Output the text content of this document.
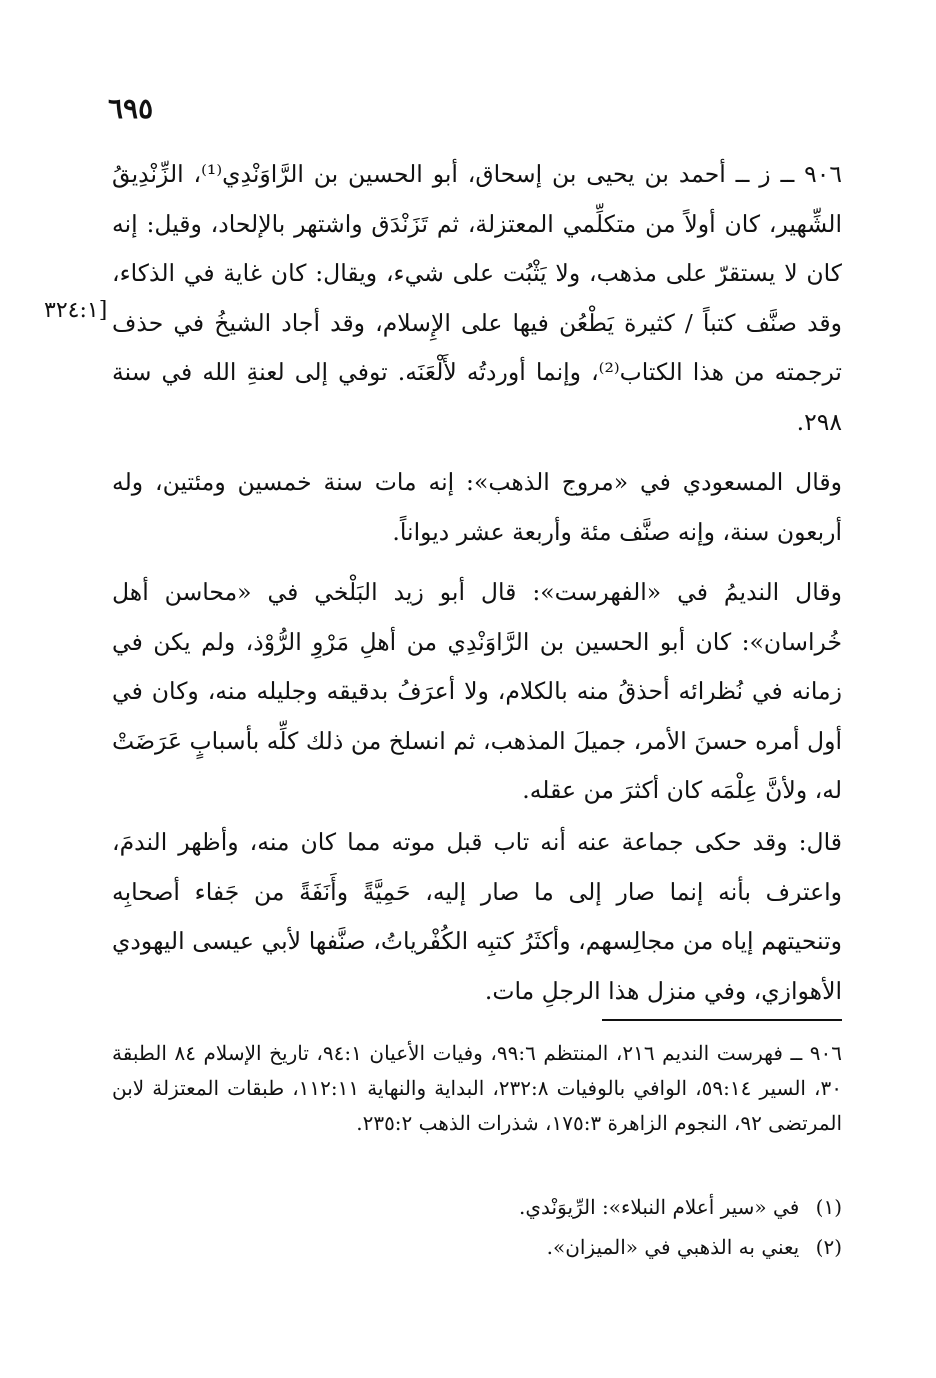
٦٩٥
[٣٢٤:١

٩٠٦ ــ ز ــ أحمد بن يحيى بن إسحاق، أبو الحسين بن الرَّاوَنْدِي⁽¹⁾، الزِّنْدِيقُ الشِّهير، كان أولاً من متكلِّمي المعتزلة، ثم تَزَنْدَق واشتهر بالإلحاد، وقيل: إنه كان لا يستقرّ على مذهب، ولا يَثْبُت على شيء، ويقال: كان غاية في الذكاء، وقد صنَّف كتباً / كثيرة يَطْعُن فيها على الإِسلام، وقد أجاد الشيخُ في حذف ترجمته من هذا الكتاب⁽²⁾، وإنما أوردتُه لأَلْعَنَه. توفي إلى لعنةِ الله في سنة ٢٩٨.

وقال المسعودي في «مروج الذهب»: إنه مات سنة خمسين ومئتين، وله أربعون سنة، وإنه صنَّف مئة وأربعة عشر ديواناً.

وقال النديمُ في «الفهرست»: قال أبو زيد البَلْخي في «محاسن أهل خُراسان»: كان أبو الحسين بن الرَّاوَنْدِي من أهلِ مَرْوِ الرُّوْذ، ولم يكن في زمانه في نُظرائه أحذقُ منه بالكلام، ولا أعرَفُ بدقيقه وجليله منه، وكان في أول أمره حسنَ الأمر، جميلَ المذهب، ثم انسلخ من ذلك كلِّه بأسبابٍ عَرَضَتْ له، ولأنَّ عِلْمَه كان أكثرَ من عقله.

قال: وقد حكى جماعة عنه أنه تاب قبل موته مما كان منه، وأظهر الندمَ، واعترف بأنه إنما صار إلى ما صار إليه، حَمِيَّةً وأَنَفَةً من جَفاء أصحابِه وتنحيتهم إياه من مجالِسهم، وأكثَرُ كتبِه الكُفْرياتُ، صنَّفها لأبي عيسى اليهودي الأهوازي، وفي منزل هذا الرجلِ مات.

٩٠٦ ــ فهرست النديم ٢١٦، المنتظم ٩٩:٦، وفيات الأعيان ٩٤:١، تاريخ الإسلام ٨٤ الطبقة ٣٠، السير ٥٩:١٤، الوافي بالوفيات ٢٣٢:٨، البداية والنهاية ١١٢:١١، طبقات المعتزلة لابن المرتضى ٩٢، النجوم الزاهرة ١٧٥:٣، شذرات الذهب ٢٣٥:٢.
(١) في «سير أعلام النبلاء»: الرِّيوَنْدي.
(٢) يعني به الذهبي في «الميزان».
